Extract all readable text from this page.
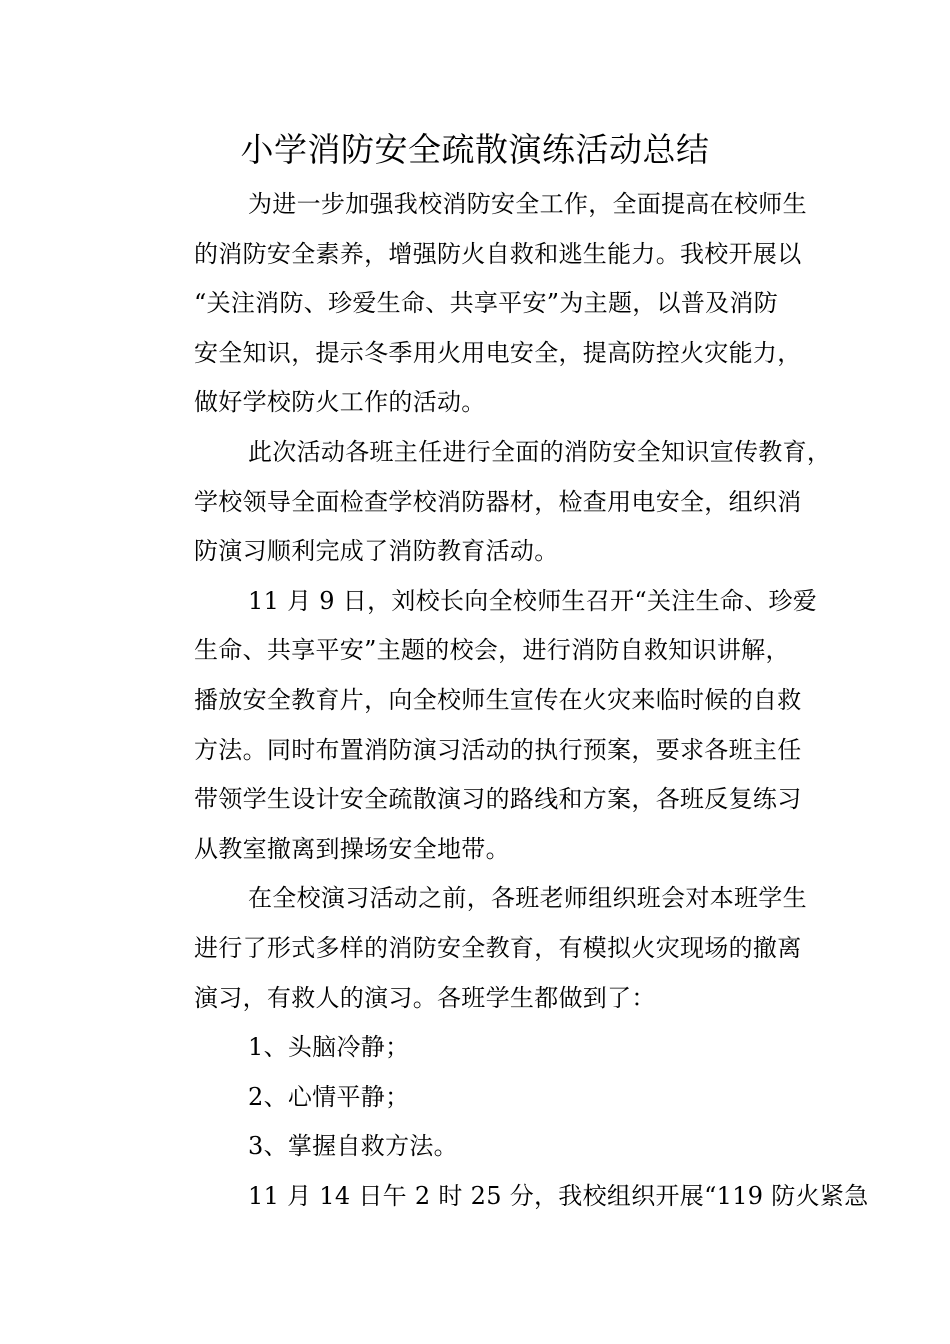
小学消防安全疏散演练活动总结
为进一步加强我校消防安全工作，全面提高在校师生
的消防安全素养，增强防火自救和逃生能力。我校开展以
“关注消防、珍爱生命、共享平安”为主题，以普及消防
安全知识，提示冬季用火用电安全，提高防控火灾能力，
做好学校防火工作的活动。
此次活动各班主任进行全面的消防安全知识宣传教育，
学校领导全面检查学校消防器材，检查用电安全，组织消
防演习顺利完成了消防教育活动。
11 月 9 日，刘校长向全校师生召开“关注生命、珍爱
生命、共享平安”主题的校会，进行消防自救知识讲解，
播放安全教育片，向全校师生宣传在火灾来临时候的自救
方法。同时布置消防演习活动的执行预案，要求各班主任
带领学生设计安全疏散演习的路线和方案，各班反复练习
从教室撤离到操场安全地带。
在全校演习活动之前，各班老师组织班会对本班学生
进行了形式多样的消防安全教育，有模拟火灾现场的撤离
演习，有救人的演习。各班学生都做到了：
1、头脑冷静；
2、心情平静；
3、掌握自救方法。
11 月 14 日午 2 时 25 分，我校组织开展“119 防火紧急
